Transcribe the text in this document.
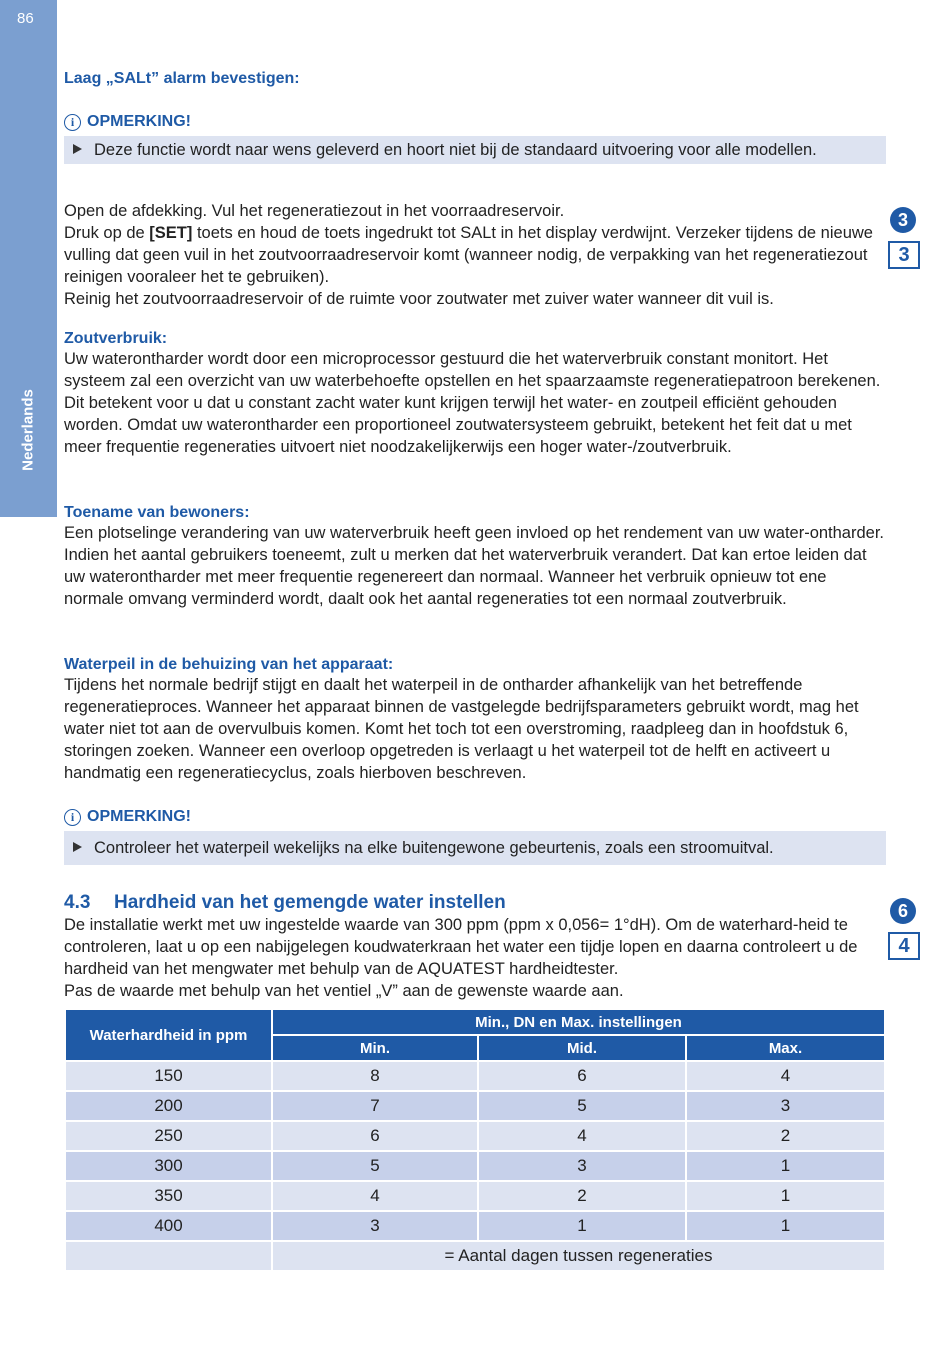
86
Nederlands
Laag „SALt” alarm bevestigen:
i OPMERKING!
Deze functie wordt naar wens geleverd en hoort niet bij de standaard uitvoering voor alle modellen.
Open de afdekking. Vul het regeneratiezout in het voorraadreservoir.
Druk op de [SET] toets en houd de toets ingedrukt tot SALt in het display verdwijnt. Verzeker tijdens de nieuwe vulling dat geen vuil in het zoutvoorraadreservoir komt (wanneer nodig, de verpakking van het regeneratiezout reinigen vooraleer het te gebruiken).
Reinig het zoutvoorraadreservoir of de ruimte voor zoutwater met zuiver water wanneer dit vuil is.
Zoutverbruik:
Uw waterontharder wordt door een microprocessor gestuurd die het waterverbruik constant monitort. Het systeem zal een overzicht van uw waterbehoefte opstellen en het spaarzaamste regeneratiepatroon berekenen. Dit betekent voor u dat u constant zacht water kunt krijgen terwijl het water- en zoutpeil efficiënt gehouden worden. Omdat uw waterontharder een proportioneel zoutwatersysteem gebruikt, betekent het feit dat u met meer frequentie regeneraties uitvoert niet noodzakelijkerwijs een hoger water-/zoutverbruik.
Toename van bewoners:
Een plotselinge verandering van uw waterverbruik heeft geen invloed op het rendement van uw water-ontharder. Indien het aantal gebruikers toeneemt, zult u merken dat het waterverbruik verandert. Dat kan ertoe leiden dat uw waterontharder met meer frequentie regenereert dan normaal. Wanneer het verbruik opnieuw tot ene normale omvang verminderd wordt, daalt ook het aantal regeneraties tot een normaal zoutverbruik.
Waterpeil in de behuizing van het apparaat:
Tijdens het normale bedrijf stijgt en daalt het waterpeil in de ontharder afhankelijk van het betreffende regeneratieproces. Wanneer het apparaat binnen de vastgelegde bedrijfsparameters gebruikt wordt, mag het water niet tot aan de overvulbuis komen. Komt het toch tot een overstroming, raadpleeg dan in hoofdstuk 6, storingen zoeken. Wanneer een overloop opgetreden is verlaagt u het waterpeil tot de helft en activeert u handmatig een regeneratiecyclus, zoals hierboven beschreven.
i OPMERKING!
Controleer het waterpeil wekelijks na elke buitengewone gebeurtenis, zoals een stroomuitval.
4.3 Hardheid van het gemengde water instellen
De installatie werkt met uw ingestelde waarde van 300 ppm (ppm x 0,056= 1°dH). Om de waterhard-heid te controleren, laat u op een nabijgelegen koudwaterkraan het water een tijdje lopen en daarna controleert u de hardheid van het mengwater met behulp van de AQUATEST hardheidtester.
Pas de waarde met behulp van het ventiel „V” aan de gewenste waarde aan.
3
3
6
4
Waterhardheid in ppm	Min., DN en Max. instellingen		
	Min.	Mid.	Max.
150	8	6	4
200	7	5	3
250	6	4	2
300	5	3	1
350	4	2	1
400	3	1	1
	= Aantal dagen tussen regeneraties		
